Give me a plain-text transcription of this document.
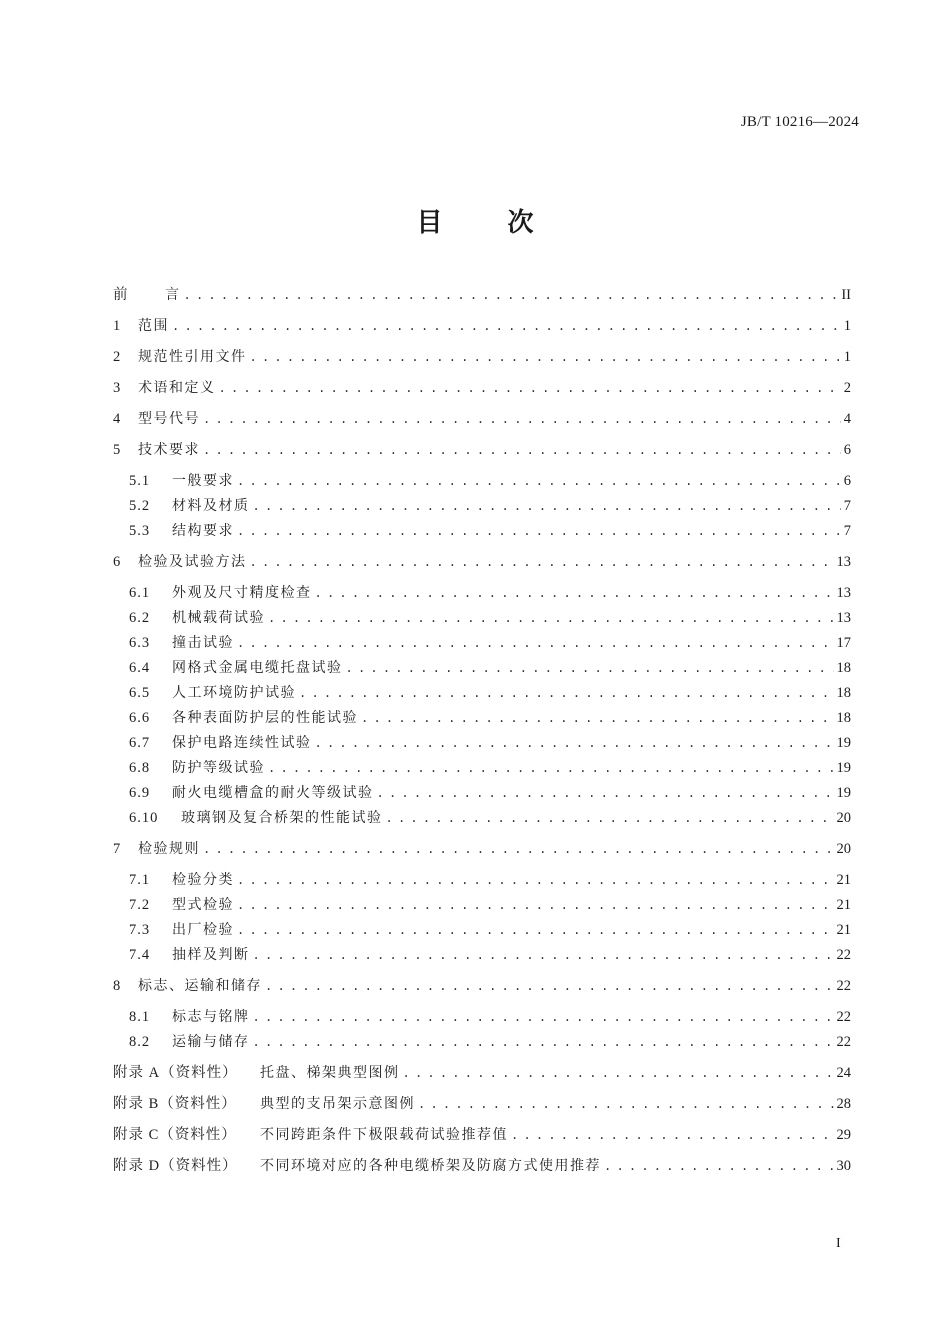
JB/T 10216—2024
目	次
前	言 . . .	II
1	范围 . . .	1
2	规范性引用文件 . . .	1
3	术语和定义 . . .	2
4	型号代号 . . .	4
5	技术要求 . . .	6
5.1	一般要求 . . .	6
5.2	材料及材质 . . .	7
5.3	结构要求 . . .	7
6	检验及试验方法 . . .	13
6.1	外观及尺寸精度检查 . . .	13
6.2	机械载荷试验 . . .	13
6.3	撞击试验 . . .	17
6.4	网格式金属电缆托盘试验 . . .	18
6.5	人工环境防护试验 . . .	18
6.6	各种表面防护层的性能试验 . . .	18
6.7	保护电路连续性试验 . . .	19
6.8	防护等级试验 . . .	19
6.9	耐火电缆槽盒的耐火等级试验 . . .	19
6.10	玻璃钢及复合桥架的性能试验 . . .	20
7	检验规则 . . .	20
7.1	检验分类 . . .	21
7.2	型式检验 . . .	21
7.3	出厂检验 . . .	21
7.4	抽样及判断 . . .	22
8	标志、运输和储存 . . .	22
8.1	标志与铭牌 . . .	22
8.2	运输与储存 . . .	22
附录 A（资料性）	托盘、梯架典型图例 . . .	24
附录 B（资料性）	典型的支吊架示意图例 . . .	28
附录 C（资料性）	不同跨距条件下极限载荷试验推荐值 . . .	29
附录 D（资料性）	不同环境对应的各种电缆桥架及防腐方式使用推荐 . . .	30
I
